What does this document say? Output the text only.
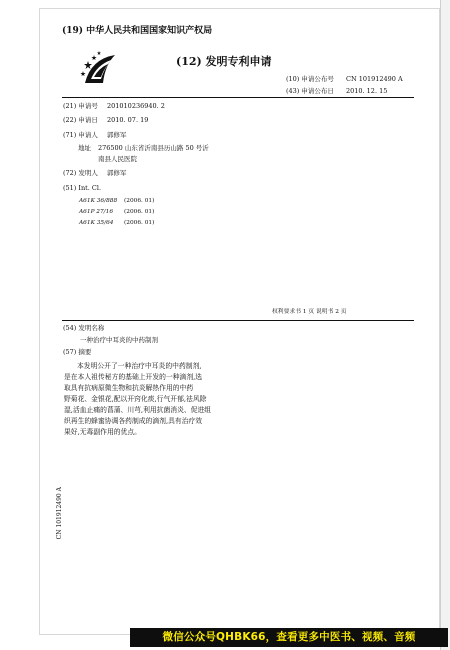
(19) 中华人民共和国国家知识产权局
(12) 发明专利申请
(10) 申请公布号 CN 101912490 A
(43) 申请公布日 2010. 12. 15
(21) 申请号 201010236940. 2
(22) 申请日 2010. 07. 19
(71) 申请人 郭修军
地址 276500 山东省沂南县历山路 50 号沂
南县人民医院
(72) 发明人 郭修军
(51) Int. Cl.
A61K 36/888 (2006. 01)
A61P 27/16 (2006. 01)
A61K 35/64 (2006. 01)
权利要求书 1 页 说明书 2 页
(54) 发明名称
一种治疗中耳炎的中药制剂
(57) 摘要
本发明公开了一种治疗中耳炎的中药制剂,
是在本人祖传秘方的基础上开发的一种滴剂,选
取具有抗病原微生物和抗炎解热作用的中药
野菊花、金银花,配以开窍化痰,行气开郁,祛风除
湿,活血止痛的菖蒲、川芎,利用抗菌消炎、促进组
织再生的蜂蜜协调各药制成的滴剂,具有治疗效
果好,无毒副作用的优点。
CN 101912490 A
微信公众号QHBK66，查看更多中医书、视频、音频
